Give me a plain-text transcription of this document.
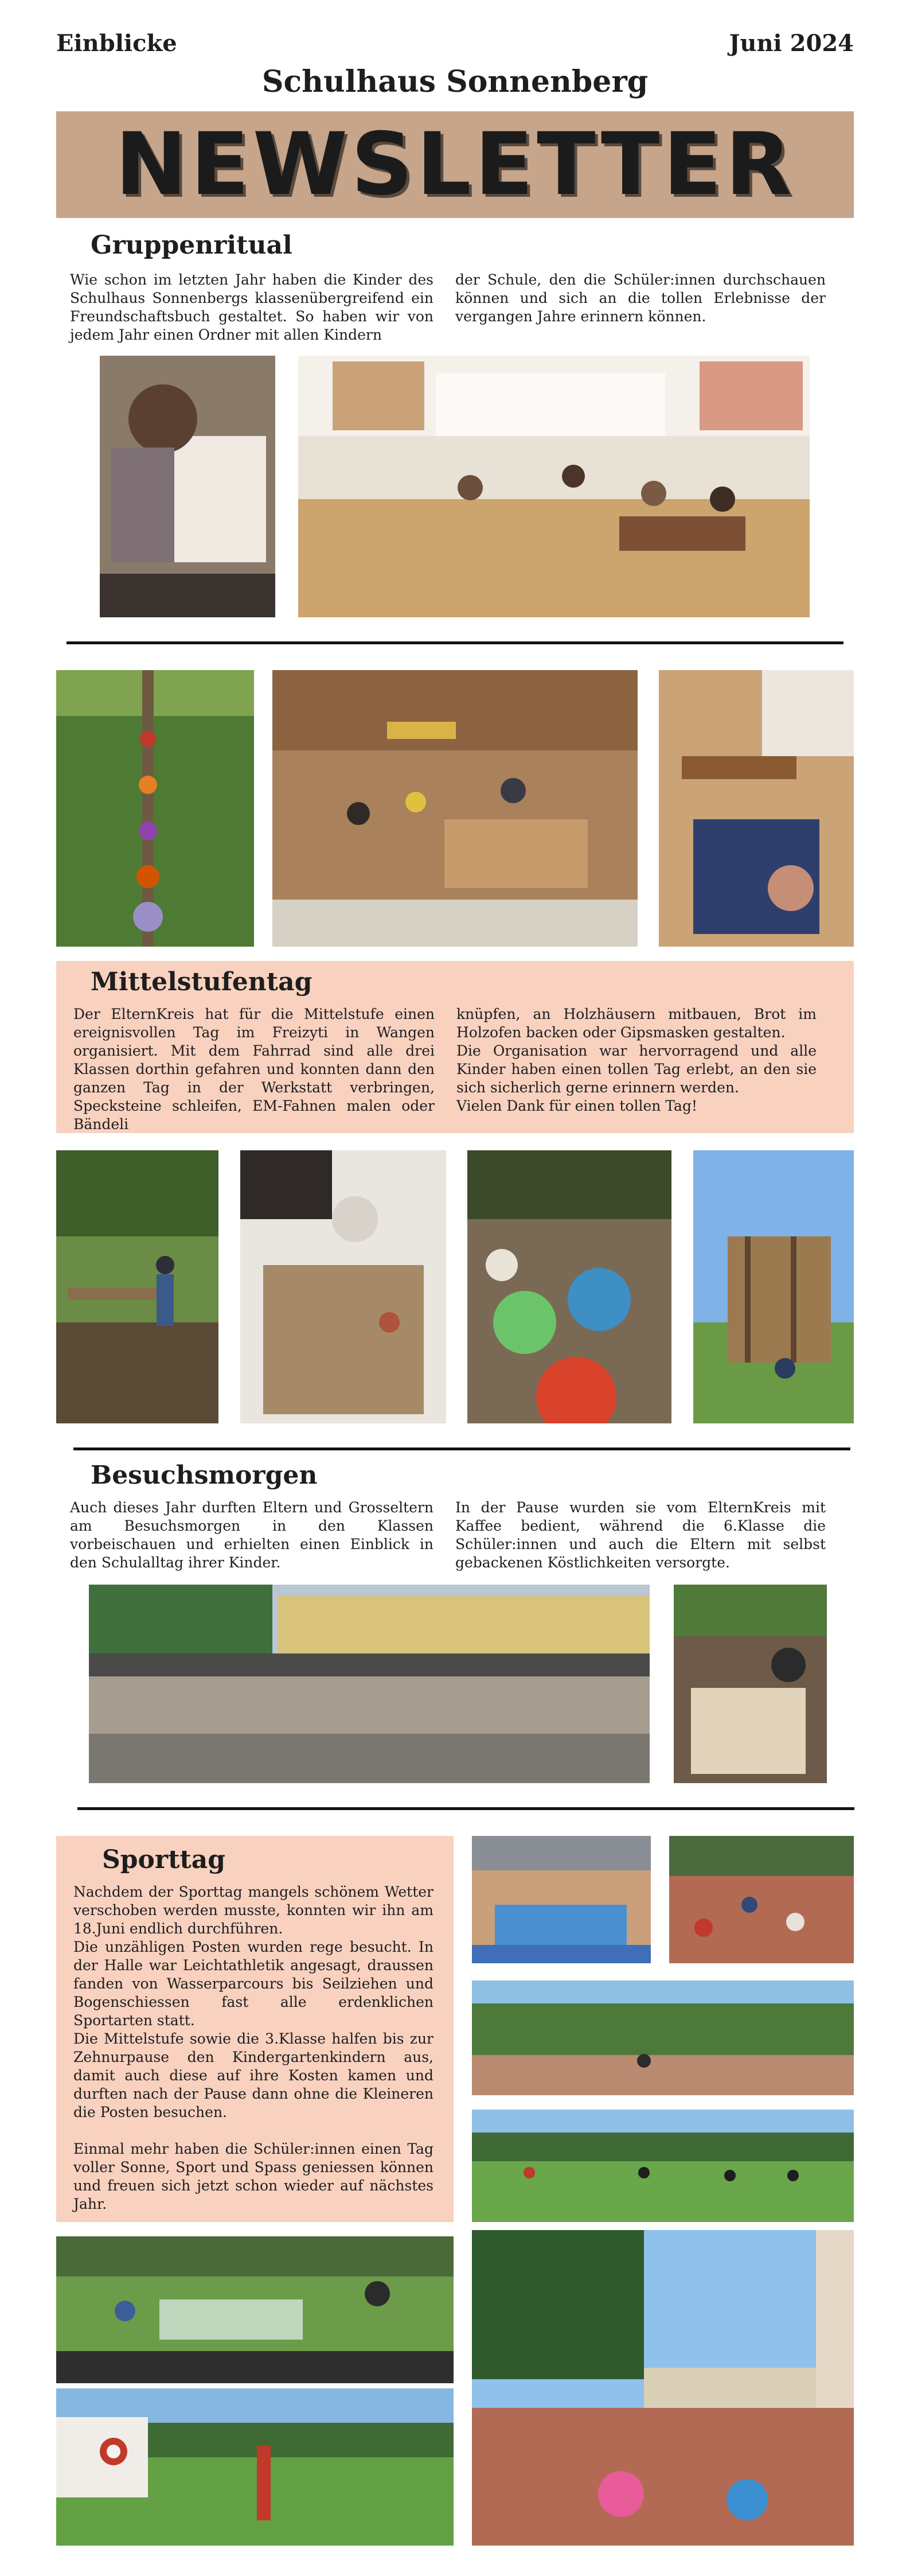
Einblicke	Juni 2024
Schulhaus Sonnenberg
NEWSLETTER
Gruppenritual
Wie schon im letzten Jahr haben die Kinder des Schulhaus Sonnenbergs klassenübergreifend ein Freundschaftsbuch gestaltet. So haben wir von jedem Jahr einen Ordner mit allen Kindern
der Schule, den die Schüler:innen durchschauen können und sich an die tollen Erlebnisse der vergangen Jahre erinnern können.
Mittelstufentag
Der ElternKreis hat für die Mittelstufe einen ereignisvollen Tag im Freizyti in Wangen organisiert. Mit dem Fahrrad sind alle drei Klassen dorthin gefahren und konnten dann den ganzen Tag in der Werkstatt verbringen, Specksteine schleifen, EM-Fahnen malen oder Bändeli

knüpfen, an Holzhäusern mitbauen, Brot im Holzofen backen oder Gipsmasken gestalten.

Die Organisation war hervorragend und alle Kinder haben einen tollen Tag erlebt, an den sie sich sicherlich gerne erinnern werden.

Vielen Dank für einen tollen Tag!

Besuchsmorgen
Auch dieses Jahr durften Eltern und Grosseltern am Besuchsmorgen in den Klassen vorbeischauen und erhielten einen Einblick in den Schulalltag ihrer Kinder.
In der Pause wurden sie vom ElternKreis mit Kaffee bedient, während die 6.Klasse die Schüler:innen und auch die Eltern mit selbst gebackenen Köstlichkeiten versorgte.
Sporttag

Nachdem der Sporttag mangels schönem Wetter verschoben werden musste, konnten wir ihn am 18.Juni endlich durchführen.

Die unzähligen Posten wurden rege besucht. In der Halle war Leichtathletik angesagt, draussen fanden von Wasserparcours bis Seilziehen und Bogenschiessen fast alle erdenklichen Sportarten statt.

Die Mittelstufe sowie die 3.Klasse halfen bis zur Zehnurpause den Kindergartenkindern aus, damit auch diese auf ihre Kosten kamen und durften nach der Pause dann ohne die Kleineren die Posten besuchen.

Einmal mehr haben die Schüler:innen einen Tag voller Sonne, Sport und Spass geniessen können und freuen sich jetzt schon wieder auf nächstes Jahr.
